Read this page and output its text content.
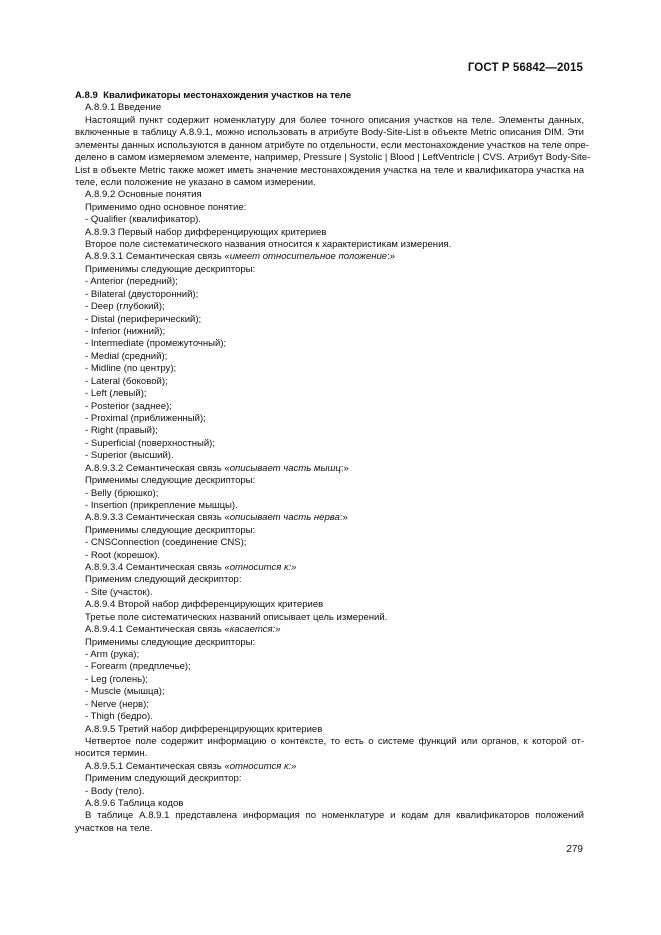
ГОСТ Р 56842—2015

A.8.9 Квалификаторы местонахождения участков на теле

A.8.9.1 Введение

Настоящий пункт содержит номенклатуру для более точного описания участков на теле. Элементы данных,

включенные в таблицу А.8.9.1, можно использовать в атрибуте Body-Site-List в объекте Metric описания DIM. Эти

элементы данных используются в данном атрибуте по отдельности, если местонахождение участков на теле опре-

делено в самом измеряемом элементе, например, Pressure | Systolic | Blood | LeftVentricle | CVS. Атрибут Body-Site-

List в объекте Metric также может иметь значение местонахождения участка на теле и квалификатора участка на

теле, если положение не указано в самом измерении.

A.8.9.2 Основные понятия

Применимо одно основное понятие:

- Qualifier (квалификатор).

A.8.9.3 Первый набор дифференцирующих критериев

Второе поле систематического названия относится к характеристикам измерения.

A.8.9.3.1 Семантическая связь «имеет относительное положение:»

Применимы следующие дескрипторы:

- Anterior (передний);

- Bilateral (двусторонний);

- Deep (глубокий);

- Distal (периферический);

- Inferior (нижний);

- Intermediate (промежуточный);

- Medial (средний);

- Midline (по центру);

- Lateral (боковой);

- Left (левый);

- Posterior (заднее);

- Proximal (приближенный);

- Right (правый);

- Superficial (поверхностный);

- Superior (высший).

A.8.9.3.2 Семантическая связь «описывает часть мышц:»

Применимы следующие дескрипторы:

- Belly (брюшко);

- Insertion (прикрепление мышцы).

A.8.9.3.3 Семантическая связь «описывает часть нерва:»

Применимы следующие дескрипторы:

- CNSConnection (соединение CNS);

- Root (корешок).

A.8.9.3.4 Семантическая связь «относится к:»

Применим следующий дескриптор:

- Site (участок).

A.8.9.4 Второй набор дифференцирующих критериев

Третье поле систематических названий описывает цель измерений.

A.8.9.4.1 Семантическая связь «касается:»

Применимы следующие дескрипторы:

- Arm (рука);

- Forearm (предплечье);

- Leg (голень);

- Muscle (мышца);

- Nerve (нерв);

- Thigh (бедро).

A.8.9.5 Третий набор дифференцирующих критериев

Четвертое поле содержит информацию о контексте, то есть о системе функций или органов, к которой от-

носится термин.

A.8.9.5.1 Семантическая связь «относится к:»

Применим следующий дескриптор:

- Body (тело).

A.8.9.6 Таблица кодов

В таблице А.8.9.1 представлена информация по номенклатуре и кодам для квалификаторов положений

участков на теле.

279
